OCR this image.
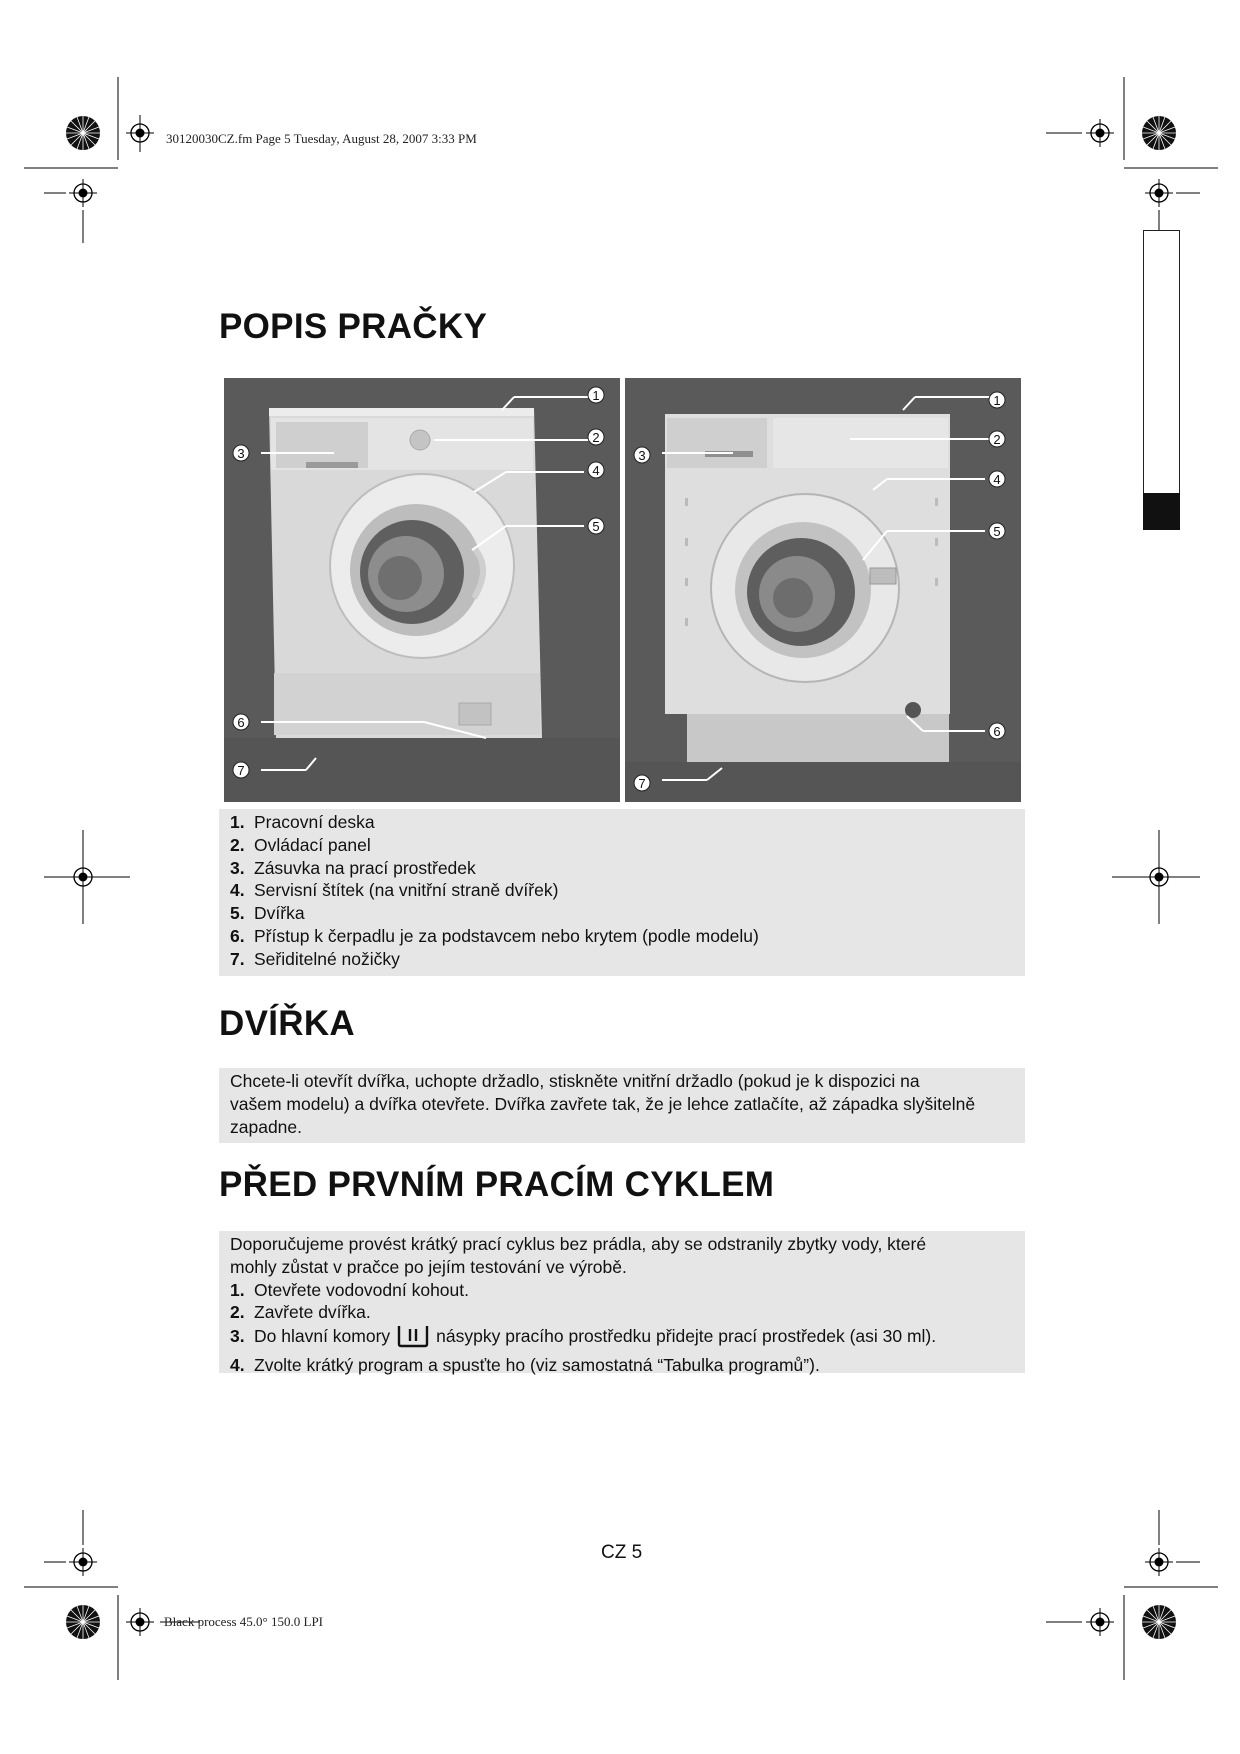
30120030CZ.fm Page 5 Tuesday, August 28, 2007 3:33 PM
POPIS PRAČKY
1
2
3
4
5
6
7
1
2
3
4
5
6
7
1. Pracovní deska
2. Ovládací panel
3. Zásuvka na prací prostředek
4. Servisní štítek (na vnitřní straně dvířek)
5. Dvířka
6. Přístup k čerpadlu je za podstavcem nebo krytem (podle modelu)
7. Seřiditelné nožičky
DVÍŘKA
Chcete-li otevřít dvířka, uchopte držadlo, stiskněte vnitřní držadlo (pokud je k dispozici na
vašem modelu) a dvířka otevřete. Dvířka zavřete tak, že je lehce zatlačíte, až západka slyšitelně
zapadne.
PŘED PRVNÍM PRACÍM CYKLEM
Doporučujeme provést krátký prací cyklus bez prádla, aby se odstranily zbytky vody, které
mohly zůstat v pračce po jejím testování ve výrobě.
1. Otevřete vodovodní kohout.
2. Zavřete dvířka.
3. Do hlavní komory	násypky pracího prostředku přidejte prací prostředek (asi 30 ml).
4. Zvolte krátký program a spusťte ho (viz samostatná “Tabulka programů”).
CZ 5
Black process 45.0° 150.0 LPI
